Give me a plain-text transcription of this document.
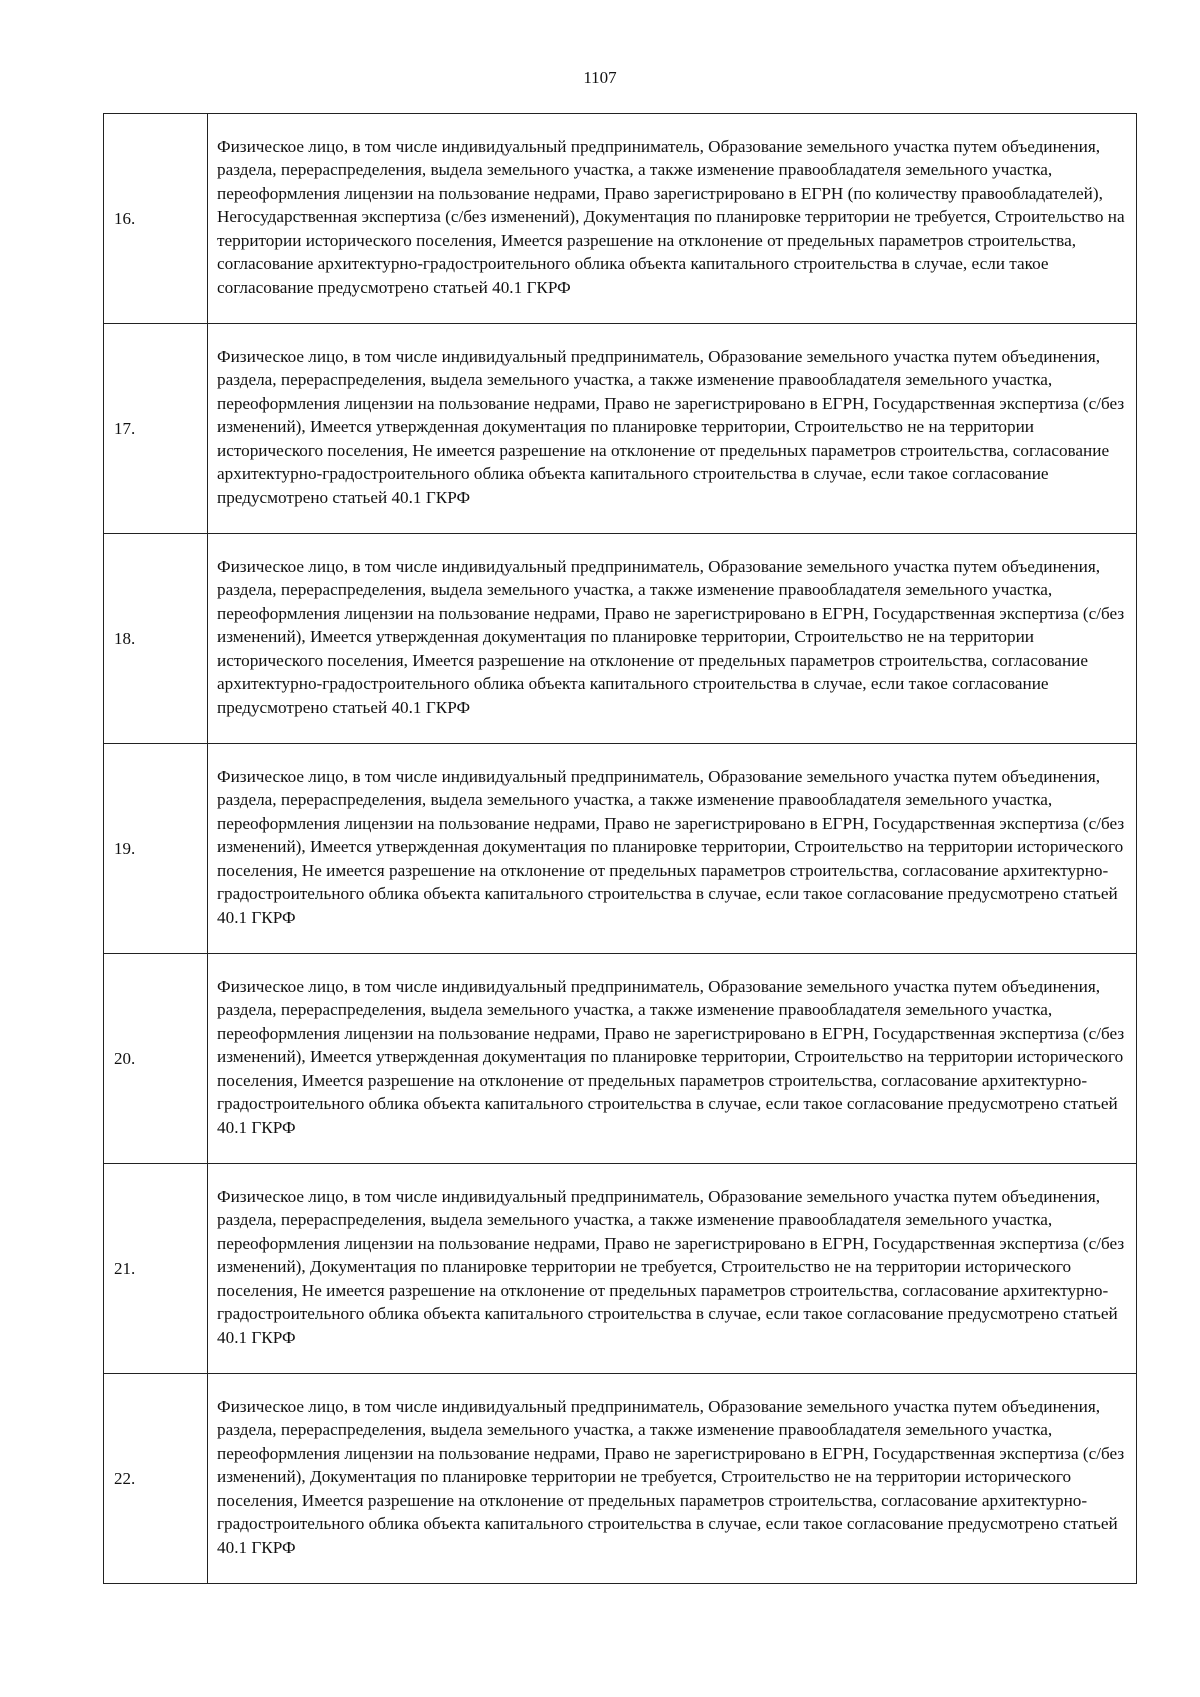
1107
16.	Физическое лицо, в том числе индивидуальный предприниматель, Образование земельного участка путем объединения, раздела, перераспределения, выдела земельного участка, а также изменение правообладателя земельного участка, переоформления лицензии на пользование недрами, Право зарегистрировано в ЕГРН (по количеству правообладателей), Негосударственная экспертиза (с/без изменений), Документация по планировке территории не требуется, Строительство на территории исторического поселения, Имеется разрешение на отклонение от предельных параметров строительства, согласование архитектурно-градостроительного облика объекта капитального строительства в случае, если такое согласование предусмотрено статьей 40.1 ГКРФ
17.	Физическое лицо, в том числе индивидуальный предприниматель, Образование земельного участка путем объединения, раздела, перераспределения, выдела земельного участка, а также изменение правообладателя земельного участка, переоформления лицензии на пользование недрами, Право не зарегистрировано в ЕГРН, Государственная экспертиза (с/без изменений), Имеется утвержденная документация по планировке территории, Строительство не на территории исторического поселения, Не имеется разрешение на отклонение от предельных параметров строительства, согласование архитектурно-градостроительного облика объекта капитального строительства в случае, если такое согласование предусмотрено статьей 40.1 ГКРФ
18.	Физическое лицо, в том числе индивидуальный предприниматель, Образование земельного участка путем объединения, раздела, перераспределения, выдела земельного участка, а также изменение правообладателя земельного участка, переоформления лицензии на пользование недрами, Право не зарегистрировано в ЕГРН, Государственная экспертиза (с/без изменений), Имеется утвержденная документация по планировке территории, Строительство не на территории исторического поселения, Имеется разрешение на отклонение от предельных параметров строительства, согласование архитектурно-градостроительного облика объекта капитального строительства в случае, если такое согласование предусмотрено статьей 40.1 ГКРФ
19.	Физическое лицо, в том числе индивидуальный предприниматель, Образование земельного участка путем объединения, раздела, перераспределения, выдела земельного участка, а также изменение правообладателя земельного участка, переоформления лицензии на пользование недрами, Право не зарегистрировано в ЕГРН, Государственная экспертиза (с/без изменений), Имеется утвержденная документация по планировке территории, Строительство на территории исторического поселения, Не имеется разрешение на отклонение от предельных параметров строительства, согласование архитектурно-градостроительного облика объекта капитального строительства в случае, если такое согласование предусмотрено статьей 40.1 ГКРФ
20.	Физическое лицо, в том числе индивидуальный предприниматель, Образование земельного участка путем объединения, раздела, перераспределения, выдела земельного участка, а также изменение правообладателя земельного участка, переоформления лицензии на пользование недрами, Право не зарегистрировано в ЕГРН, Государственная экспертиза (с/без изменений), Имеется утвержденная документация по планировке территории, Строительство на территории исторического поселения, Имеется разрешение на отклонение от предельных параметров строительства, согласование архитектурно-градостроительного облика объекта капитального строительства в случае, если такое согласование предусмотрено статьей 40.1 ГКРФ
21.	Физическое лицо, в том числе индивидуальный предприниматель, Образование земельного участка путем объединения, раздела, перераспределения, выдела земельного участка, а также изменение правообладателя земельного участка, переоформления лицензии на пользование недрами, Право не зарегистрировано в ЕГРН, Государственная экспертиза (с/без изменений), Документация по планировке территории не требуется, Строительство не на территории исторического поселения, Не имеется разрешение на отклонение от предельных параметров строительства, согласование архитектурно-градостроительного облика объекта капитального строительства в случае, если такое согласование предусмотрено статьей 40.1 ГКРФ
22.	Физическое лицо, в том числе индивидуальный предприниматель, Образование земельного участка путем объединения, раздела, перераспределения, выдела земельного участка, а также изменение правообладателя земельного участка, переоформления лицензии на пользование недрами, Право не зарегистрировано в ЕГРН, Государственная экспертиза (с/без изменений), Документация по планировке территории не требуется, Строительство не на территории исторического поселения, Имеется разрешение на отклонение от предельных параметров строительства, согласование архитектурно-градостроительного облика объекта капитального строительства в случае, если такое согласование предусмотрено статьей 40.1 ГКРФ
